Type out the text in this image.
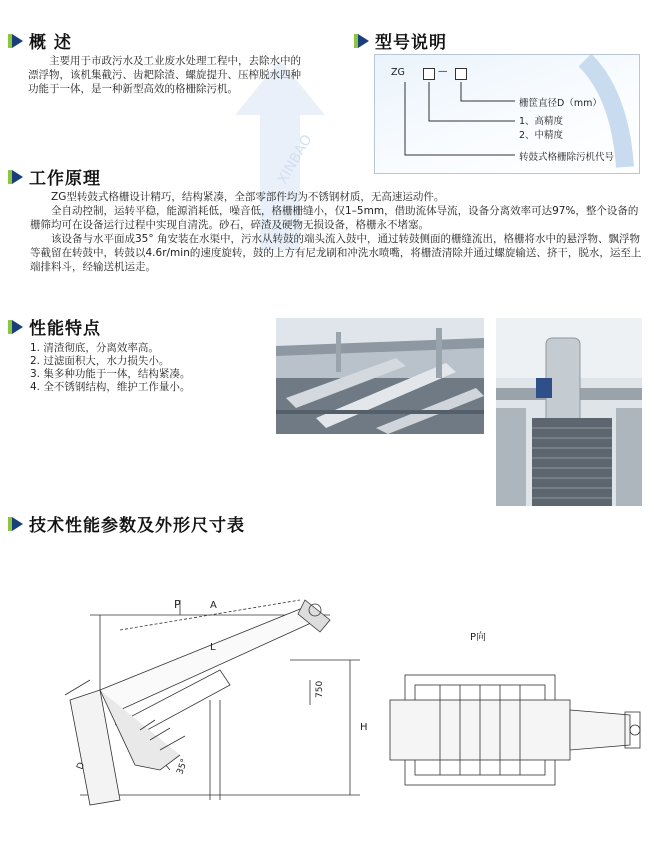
XINBAO
概 述

主要用于市政污水及工业废水处理工程中，去除水中的漂浮物，该机集截污、齿耙除渣、螺旋提升、压榨脱水四种功能于一体，是一种新型高效的格栅除污机。

型号说明
ZG	—
栅筐直径D（mm）
1、高精度
2、中精度
转鼓式格栅除污机代号
工作原理

ZG型转鼓式格栅设计精巧，结构紧凑，全部零部件均为不锈钢材质，无高速运动件。

全自动控制，运转平稳，能源消耗低，噪音低，格栅栅缝小，仅1–5mm，借助流体导流，设备分离效率可达97%，整个设备的栅筛均可在设备运行过程中实现自清洗。砂石，碎渣及硬物无损设备，格栅永不堵塞。

该设备与水平面成35° 角安装在水渠中，污水从转鼓的端头流入鼓中，通过转鼓侧面的栅缝流出，格栅将水中的悬浮物、飘浮物等截留在转鼓中，转鼓以4.6r/min的速度旋转，鼓的上方有尼龙刷和冲洗水喷嘴，将栅渣清除并通过螺旋输送、挤干，脱水，运至上端排料斗，经输送机运走。

性能特点
1. 清渣彻底，分离效率高。
2. 过滤面积大，水力损失小。
3. 集多种功能于一体，结构紧凑。
4. 全不锈钢结构，维护工作量小。
技术性能参数及外形尺寸表
P	A
L
H
750
35°
D
P向
